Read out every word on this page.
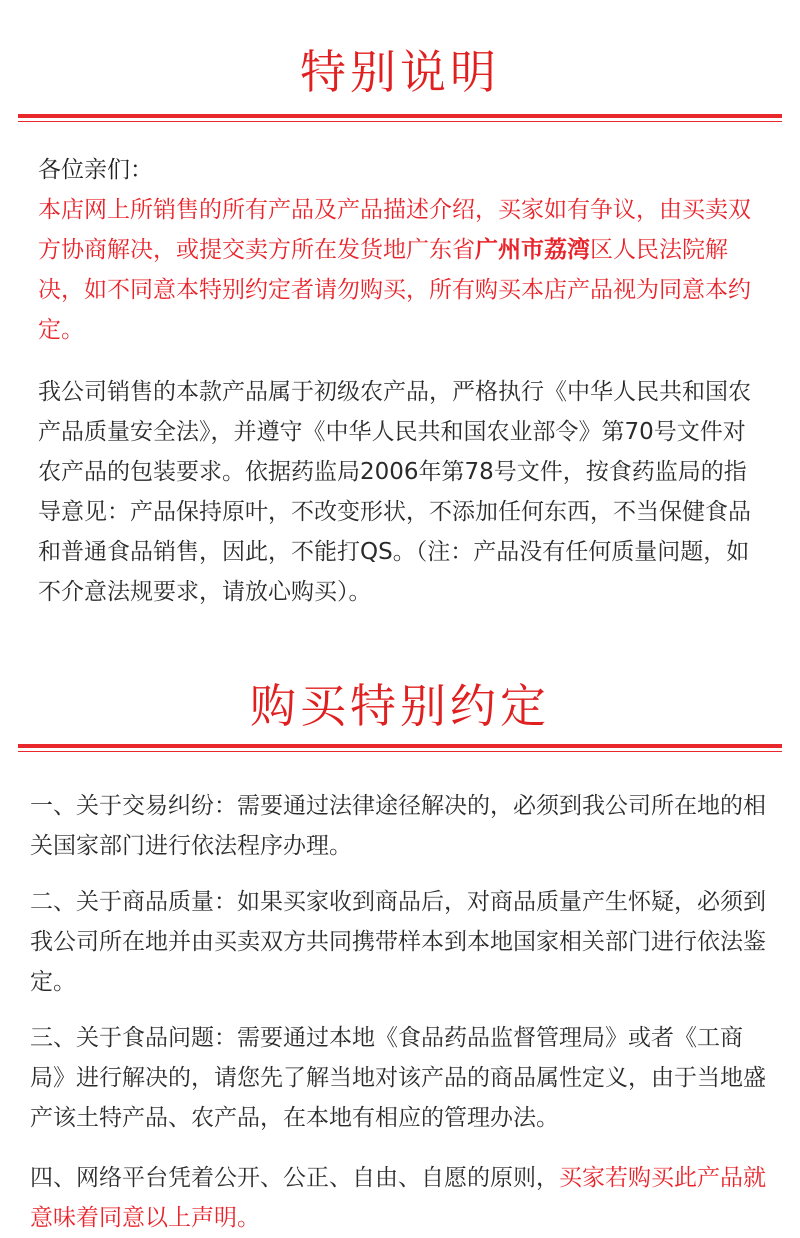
特别说明

各位亲们：

本店网上所销售的所有产品及产品描述介绍，买家如有争议，由买卖双方协商解决，或提交卖方所在发货地广东省广州市荔湾区人民法院解决，如不同意本特别约定者请勿购买，所有购买本店产品视为同意本约定。

我公司销售的本款产品属于初级农产品，严格执行《中华人民共和国农产品质量安全法》，并遵守《中华人民共和国农业部令》第70号文件对农产品的包装要求。依据药监局2006年第78号文件，按食药监局的指导意见：产品保持原叶，不改变形状，不添加任何东西，不当保健食品和普通食品销售，因此，不能打QS。（注：产品没有任何质量问题，如不介意法规要求，请放心购买）。

购买特别约定

一、关于交易纠纷：需要通过法律途径解决的，必须到我公司所在地的相关国家部门进行依法程序办理。

二、关于商品质量：如果买家收到商品后，对商品质量产生怀疑，必须到我公司所在地并由买卖双方共同携带样本到本地国家相关部门进行依法鉴定。

三、关于食品问题：需要通过本地《食品药品监督管理局》或者《工商局》进行解决的，请您先了解当地对该产品的商品属性定义，由于当地盛产该土特产品、农产品，在本地有相应的管理办法。

四、网络平台凭着公开、公正、自由、自愿的原则，买家若购买此产品就意味着同意以上声明。
